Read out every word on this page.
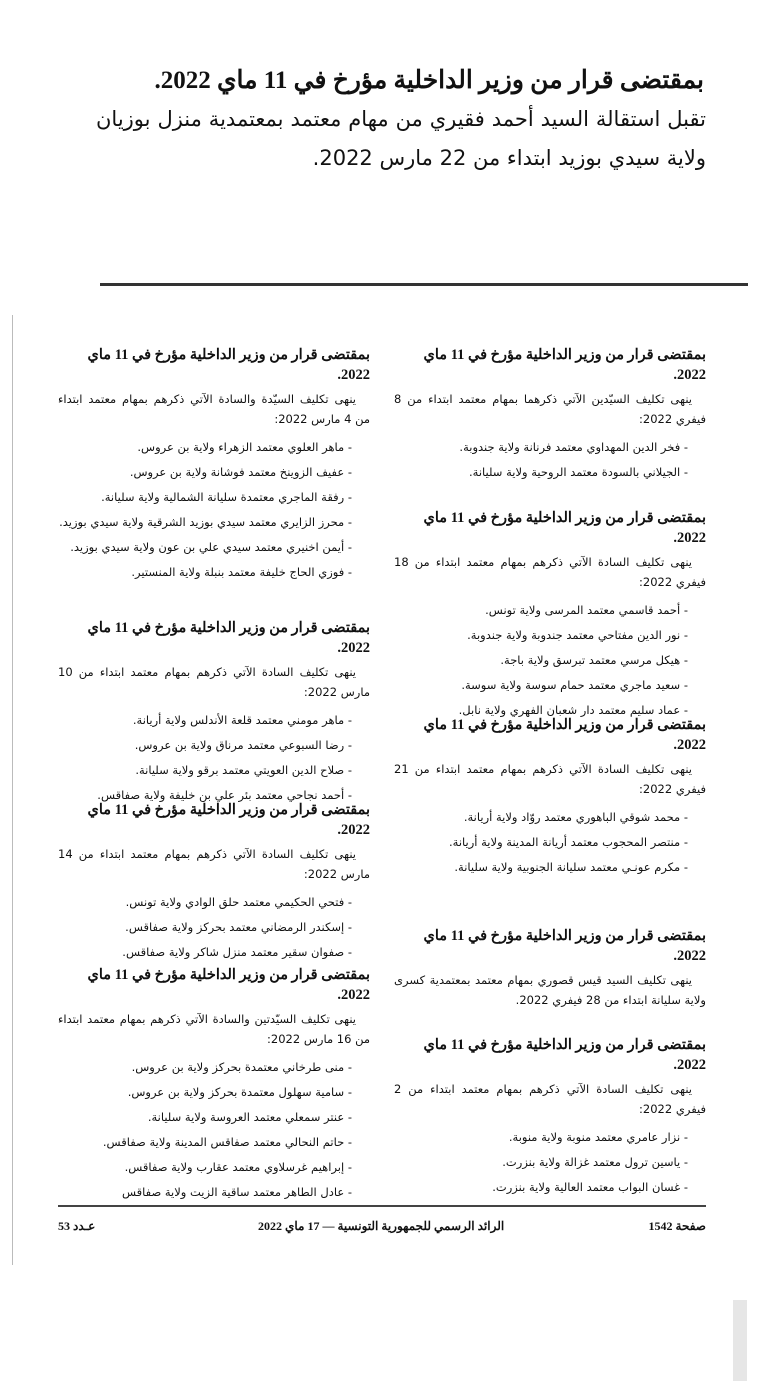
بمقتضى قرار من وزير الداخلية مؤرخ في 11 ماي 2022.
تقبل استقالة السيد أحمد فقيري من مهام معتمد بمعتمدية منزل بوزيان ولاية سيدي بوزيد ابتداء من 22 مارس 2022.
بمقتضى قرار من وزير الداخلية مؤرخ في 11 ماي 2022.

ينهى تكليف السيّدين الآتي ذكرهما بمهام معتمد ابتداء من 8 فيفري 2022:

- فخر الدين المهداوي معتمد فرنانة ولاية جندوبة.
- الجيلاني بالسودة معتمد الروحية ولاية سليانة.
بمقتضى قرار من وزير الداخلية مؤرخ في 11 ماي 2022.

ينهى تكليف السادة الآتي ذكرهم بمهام معتمد ابتداء من 18 فيفري 2022:

- أحمد قاسمي معتمد المرسى ولاية تونس.
- نور الدين مفتاحي معتمد جندوبة ولاية جندوبة.
- هيكل مرسي معتمد تبرسق ولاية باجة.
- سعيد ماجري معتمد حمام سوسة ولاية سوسة.
- عماد سليم معتمد دار شعبان الفهري ولاية نابل.
بمقتضى قرار من وزير الداخلية مؤرخ في 11 ماي 2022.

ينهى تكليف السادة الآتي ذكرهم بمهام معتمد ابتداء من 21 فيفري 2022:

- محمد شوقي الباهوري معتمد روّاد ولاية أريانة.
- منتصر المحجوب معتمد أريانة المدينة ولاية أريانة.
- مكرم عونـي معتمد سليانة الجنوبية ولاية سليانة.
بمقتضى قرار من وزير الداخلية مؤرخ في 11 ماي 2022.

ينهى تكليف السيد قيس قصوري بمهام معتمد بمعتمدية كسرى ولاية سليانة ابتداء من 28 فيفري 2022.

بمقتضى قرار من وزير الداخلية مؤرخ في 11 ماي 2022.

ينهى تكليف السادة الآتي ذكرهم بمهام معتمد ابتداء من 2 فيفري 2022:

- نزار عامري معتمد منوبة ولاية منوبة.
- ياسين ترول معتمد غزالة ولاية بنزرت.
- غسان البواب معتمد العالية ولاية بنزرت.
بمقتضى قرار من وزير الداخلية مؤرخ في 11 ماي 2022.

ينهى تكليف السيّدة والسادة الآتي ذكرهم بمهام معتمد ابتداء من 4 مارس 2022:

- ماهر العلوي معتمد الزهراء ولاية بن عروس.
- عفيف الزوينخ معتمد فوشانة ولاية بن عروس.
- رفقة الماجري معتمدة سليانة الشمالية ولاية سليانة.
- محرز الزايري معتمد سيدي بوزيد الشرقية ولاية سيدي بوزيد.
- أيمن اخنيري معتمد سيدي علي بن عون ولاية سيدي بوزيد.
- فوزي الحاج خليفة معتمد بنبلة ولاية المنستير.
بمقتضى قرار من وزير الداخلية مؤرخ في 11 ماي 2022.

ينهى تكليف السادة الآتي ذكرهم بمهام معتمد ابتداء من 10 مارس 2022:

- ماهر مومني معتمد قلعة الأندلس ولاية أريانة.
- رضا السبوعي معتمد مرناق ولاية بن عروس.
- صلاح الدين العويتي معتمد برقو ولاية سليانة.
- أحمد نجاحي معتمد بئر علي بن خليفة ولاية صفاقس.
بمقتضى قرار من وزير الداخلية مؤرخ في 11 ماي 2022.

ينهى تكليف السادة الآتي ذكرهم بمهام معتمد ابتداء من 14 مارس 2022:

- فتحي الحكيمي معتمد حلق الوادي ولاية تونس.
- إسكندر الرمضاني معتمد بحركز ولاية صفاقس.
- صفوان سقير معتمد منزل شاكر ولاية صفاقس.
بمقتضى قرار من وزير الداخلية مؤرخ في 11 ماي 2022.

ينهى تكليف السيّدتين والسادة الآتي ذكرهم بمهام معتمد ابتداء من 16 مارس 2022:

- منى طرخاني معتمدة بحركز ولاية بن عروس.
- سامية سهلول معتمدة بحركز ولاية بن عروس.
- عنتر سمعلي معتمد العروسة ولاية سليانة.
- حاتم النحالي معتمد صفاقس المدينة ولاية صفاقس.
- إبراهيم غرسلاوي معتمد عقارب ولاية صفاقس.
- عادل الطاهر معتمد ساقية الزيت ولاية صفاقس
صفحة 1542
الرائد الرسمي للجمهورية التونسية — 17 ماي 2022
عـدد 53
